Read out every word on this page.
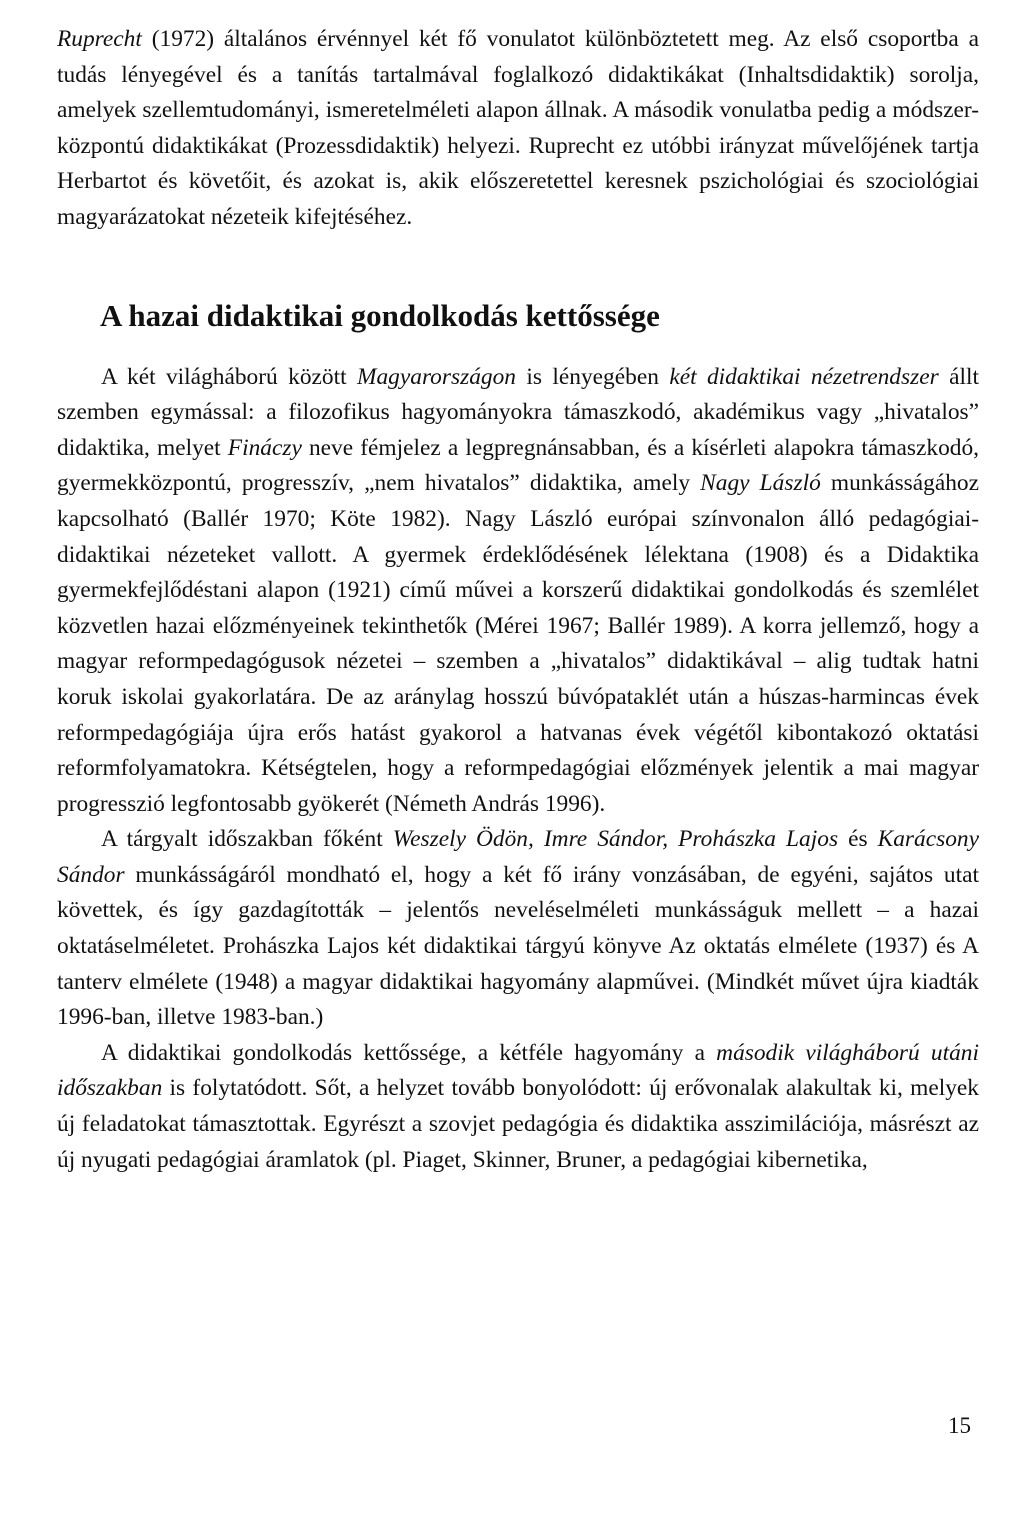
Ruprecht (1972) általános érvénnyel két fő vonulatot különböztetett meg. Az első csoportba a tudás lényegével és a tanítás tartalmával foglalkozó didaktikákat (Inhaltsdidaktik) sorolja, amelyek szellemtudományi, ismeretelméleti alapon állnak. A második vonulatba pedig a módszer-központú didaktikákat (Prozessdidaktik) helyezi. Ruprecht ez utóbbi irányzat művelőjének tartja Herbartot és követőit, és azokat is, akik előszeretettel keresnek pszichológiai és szociológiai magyarázatokat nézeteik kifejtéséhez.

A hazai didaktikai gondolkodás kettőssége

A két világháború között Magyarországon is lényegében két didaktikai nézetrendszer állt szemben egymással: a filozofikus hagyományokra támaszkodó, akadémikus vagy „hivatalos” didaktika, melyet Fináczy neve fémjelez a legpregnánsabban, és a kísérleti alapokra támaszkodó, gyermekközpontú, progresszív, „nem hivatalos” didaktika, amely Nagy László munkásságához kapcsolható (Ballér 1970; Köte 1982). Nagy László európai színvonalon álló pedagógiai-didaktikai nézeteket vallott. A gyermek érdeklődésének lélektana (1908) és a Didaktika gyermekfejlődéstani alapon (1921) című művei a korszerű didaktikai gondolkodás és szemlélet közvetlen hazai előzményeinek tekinthetők (Mérei 1967; Ballér 1989). A korra jellemző, hogy a magyar reformpedagógusok nézetei – szemben a „hivatalos” didaktikával – alig tudtak hatni koruk iskolai gyakorlatára. De az aránylag hosszú búvópataklét után a húszas-harmincas évek reformpedagógiája újra erős hatást gyakorol a hatvanas évek végétől kibontakozó oktatási reformfolyamatokra. Kétségtelen, hogy a reformpedagógiai előzmények jelentik a mai magyar progresszió legfontosabb gyökerét (Németh András 1996).

A tárgyalt időszakban főként Weszely Ödön, Imre Sándor, Prohászka Lajos és Karácsony Sándor munkásságáról mondható el, hogy a két fő irány vonzásában, de egyéni, sajátos utat követtek, és így gazdagították – jelentős neveléselméleti munkásságuk mellett – a hazai oktatáselméletet. Prohászka Lajos két didaktikai tárgyú könyve Az oktatás elmélete (1937) és A tanterv elmélete (1948) a magyar didaktikai hagyomány alapművei. (Mindkét művet újra kiadták 1996-ban, illetve 1983-ban.)

A didaktikai gondolkodás kettőssége, a kétféle hagyomány a második világháború utáni időszakban is folytatódott. Sőt, a helyzet tovább bonyolódott: új erővonalak alakultak ki, melyek új feladatokat támasztottak. Egyrészt a szovjet pedagógia és didaktika asszimilációja, másrészt az új nyugati pedagógiai áramlatok (pl. Piaget, Skinner, Bruner, a pedagógiai kibernetika,

15
